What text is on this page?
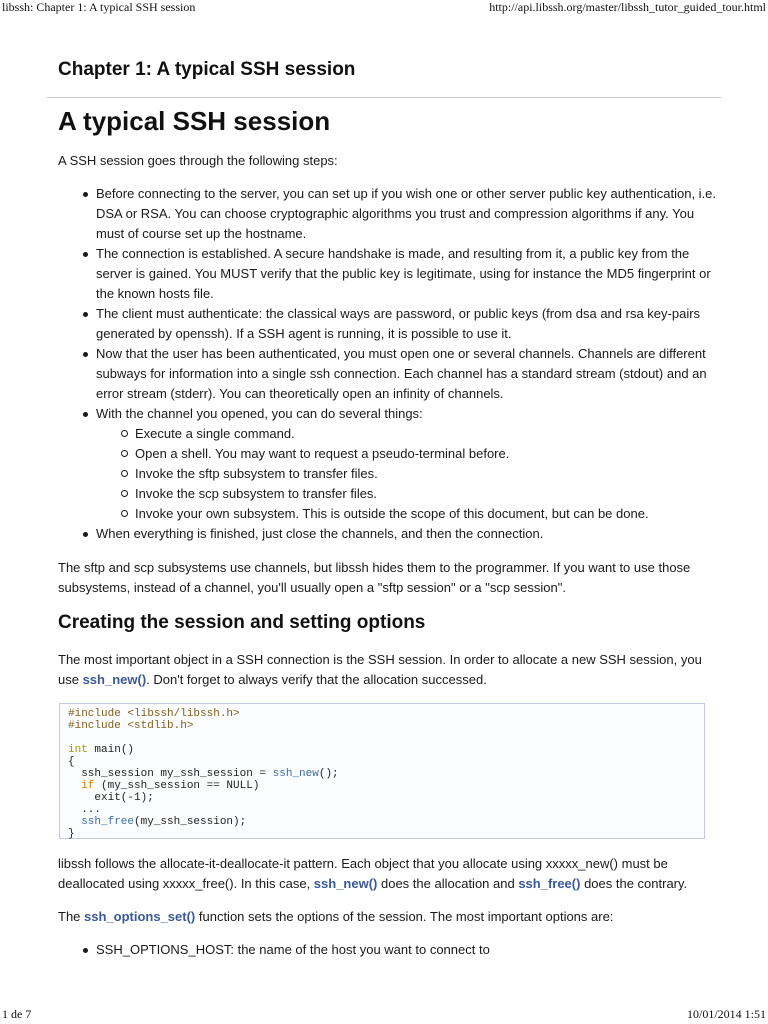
libssh: Chapter 1: A typical SSH session	http://api.libssh.org/master/libssh_tutor_guided_tour.html
Chapter 1: A typical SSH session
A typical SSH session

A SSH session goes through the following steps:

Before connecting to the server, you can set up if you wish one or other server public key authentication, i.e. DSA or RSA. You can choose cryptographic algorithms you trust and compression algorithms if any. You must of course set up the hostname.
The connection is established. A secure handshake is made, and resulting from it, a public key from the server is gained. You MUST verify that the public key is legitimate, using for instance the MD5 fingerprint or the known hosts file.
The client must authenticate: the classical ways are password, or public keys (from dsa and rsa key-pairs generated by openssh). If a SSH agent is running, it is possible to use it.
Now that the user has been authenticated, you must open one or several channels. Channels are different subways for information into a single ssh connection. Each channel has a standard stream (stdout) and an error stream (stderr). You can theoretically open an infinity of channels.
With the channel you opened, you can do several things:
Execute a single command.
Open a shell. You may want to request a pseudo-terminal before.
Invoke the sftp subsystem to transfer files.
Invoke the scp subsystem to transfer files.
Invoke your own subsystem. This is outside the scope of this document, but can be done.
When everything is finished, just close the channels, and then the connection.

The sftp and scp subsystems use channels, but libssh hides them to the programmer. If you want to use those subsystems, instead of a channel, you'll usually open a "sftp session" or a "scp session".

Creating the session and setting options

The most important object in a SSH connection is the SSH session. In order to allocate a new SSH session, you use ssh_new(). Don't forget to always verify that the allocation successed.

#include <libssh/libssh.h>
#include <stdlib.h>
int main()
{
ssh_session my_ssh_session = ssh_new();
if (my_ssh_session == NULL)
exit(-1);
...
ssh_free(my_ssh_session);
}

libssh follows the allocate-it-deallocate-it pattern. Each object that you allocate using xxxxx_new() must be deallocated using xxxxx_free(). In this case, ssh_new() does the allocation and ssh_free() does the contrary.

The ssh_options_set() function sets the options of the session. The most important options are:

SSH_OPTIONS_HOST: the name of the host you want to connect to
1 de 7	10/01/2014 1:51
